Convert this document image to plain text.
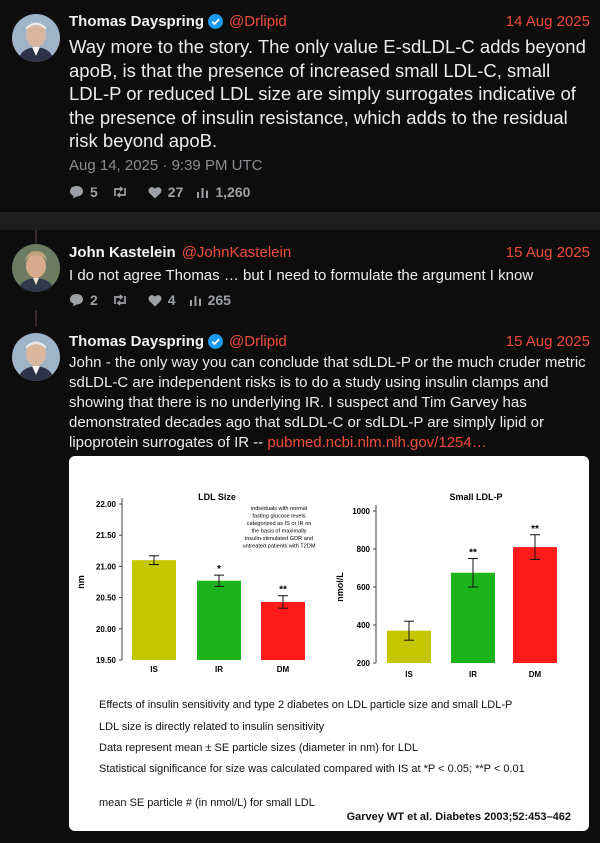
Thomas Dayspring @Drlipid	14 Aug 2025
Way more to the story. The only value E-sdLDL-C adds beyond apoB, is that the presence of increased small LDL-C, small LDL-P or reduced LDL size are simply surrogates indicative of the presence of insulin resistance, which adds to the residual risk beyond apoB.
Aug 14, 2025 · 9:39 PM UTC
5	27 1,260
John Kastelein @JohnKastelein	15 Aug 2025
I do not agree Thomas … but I need to formulate the argument I know
2	4 265
Thomas Dayspring @Drlipid	15 Aug 2025
John - the only way you can conclude that sdLDL-P or the much cruder metric sdLDL-C are independent risks is to do a study using insulin clamps and showing that there is no underlying IR. I suspect and Tim Garvey has demonstrated decades ago that sdLDL-C or sdLDL-P are simply lipid or lipoprotein surrogates of IR -- pubmed.ncbi.nlm.nih.gov/1254…
LDL Size
nm
22.00
21.50
21.00
20.50
20.00
19.50
IS
*
IR
**
DM
individuals with normal
fasting glucose levels
categorized as IS or IR on
the basis of maximally
insulin-stimulated GDR and
untreated patients with T2DM
Small LDL-P
nmol/L
1000
800
600
400
200
IS
**
IR
**
DM
Effects of insulin sensitivity and type 2 diabetes on LDL particle size and small LDL-P
LDL size is directly related to insulin sensitivity
Data represent mean ± SE particle sizes (diameter in nm) for LDL
Statistical significance for size was calculated compared with IS at *P < 0.05; **P < 0.01
mean SE particle # (in nmol/L) for small LDL
Garvey WT et al. Diabetes 2003;52:453–462
